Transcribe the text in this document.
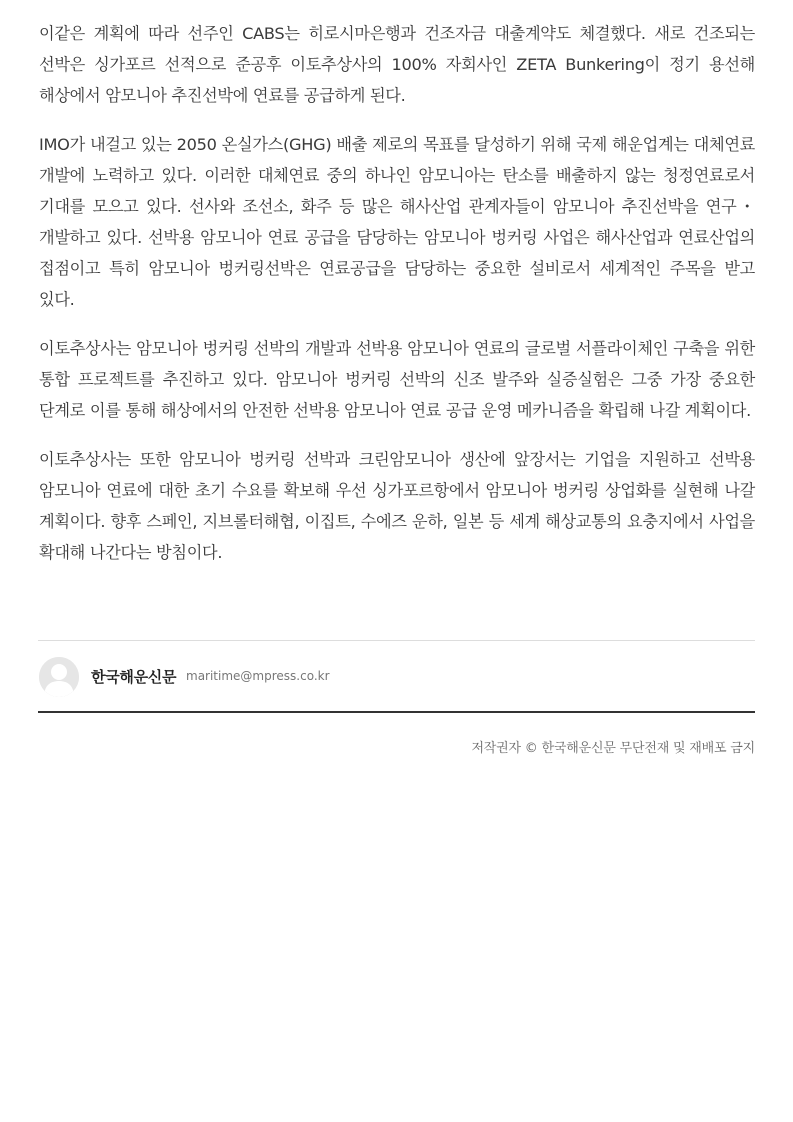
이같은 계획에 따라 선주인 CABS는 히로시마은행과 건조자금 대출계약도 체결했다. 새로 건조되는 선박은 싱가포르 선적으로 준공후 이토추상사의 100% 자회사인 ZETA Bunkering이 정기 용선해 해상에서 암모니아 추진선박에 연료를 공급하게 된다.

IMO가 내걸고 있는 2050 온실가스(GHG) 배출 제로의 목표를 달성하기 위해 국제 해운업계는 대체연료 개발에 노력하고 있다. 이러한 대체연료 중의 하나인 암모니아는 탄소를 배출하지 않는 청정연료로서 기대를 모으고 있다. 선사와 조선소, 화주 등 많은 해사산업 관계자들이 암모니아 추진선박을 연구・개발하고 있다. 선박용 암모니아 연료 공급을 담당하는 암모니아 벙커링 사업은 해사산업과 연료산업의 접점이고 특히 암모니아 벙커링선박은 연료공급을 담당하는 중요한 설비로서 세계적인 주목을 받고 있다.

이토추상사는 암모니아 벙커링 선박의 개발과 선박용 암모니아 연료의 글로벌 서플라이체인 구축을 위한 통합 프로젝트를 추진하고 있다. 암모니아 벙커링 선박의 신조 발주와 실증실험은 그중 가장 중요한 단계로 이를 통해 해상에서의 안전한 선박용 암모니아 연료 공급 운영 메카니즘을 확립해 나갈 계획이다.

이토추상사는 또한 암모니아 벙커링 선박과 크린암모니아 생산에 앞장서는 기업을 지원하고 선박용 암모니아 연료에 대한 초기 수요를 확보해 우선 싱가포르항에서 암모니아 벙커링 상업화를 실현해 나갈 계획이다. 향후 스페인, 지브롤터해협, 이집트, 수에즈 운하, 일본 등 세계 해상교통의 요충지에서 사업을 확대해 나간다는 방침이다.

한국해운신문 maritime@mpress.co.kr
저작권자 © 한국해운신문 무단전재 및 재배포 금지
